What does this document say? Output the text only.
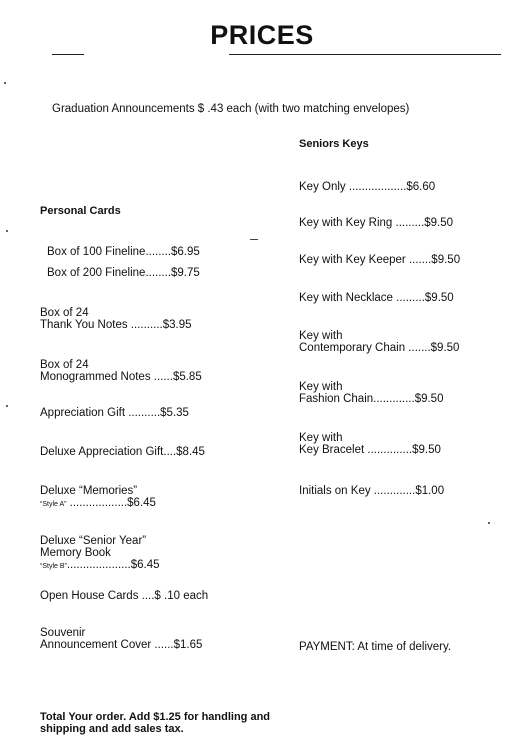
PRICES
Graduation Announcements $ .43 each (with two matching envelopes)
Personal Cards
Box of 100 Fineline........$6.95
Box of 200 Fineline........$9.75
Box of 24
Thank You Notes ..........$3.95
Box of 24
Monogrammed Notes ......$5.85
Appreciation Gift ..........$5.35
Deluxe Appreciation Gift....$8.45
Deluxe “Memories”
“Style A” ..................$6.45
Deluxe “Senior Year”
Memory Book
“Style B”....................$6.45
Open House Cards ....$ .10 each
Souvenir
Announcement Cover ......$1.65
Total Your order. Add $1.25 for handling and shipping and add sales tax.
Seniors Keys
Key Only ..................$6.60
Key with Key Ring .........$9.50
Key with Key Keeper .......$9.50
Key with Necklace .........$9.50
Key with
Contemporary Chain .......$9.50
Key with
Fashion Chain.............$9.50
Key with
Key Bracelet ..............$9.50
Initials on Key .............$1.00
PAYMENT: At time of delivery.
